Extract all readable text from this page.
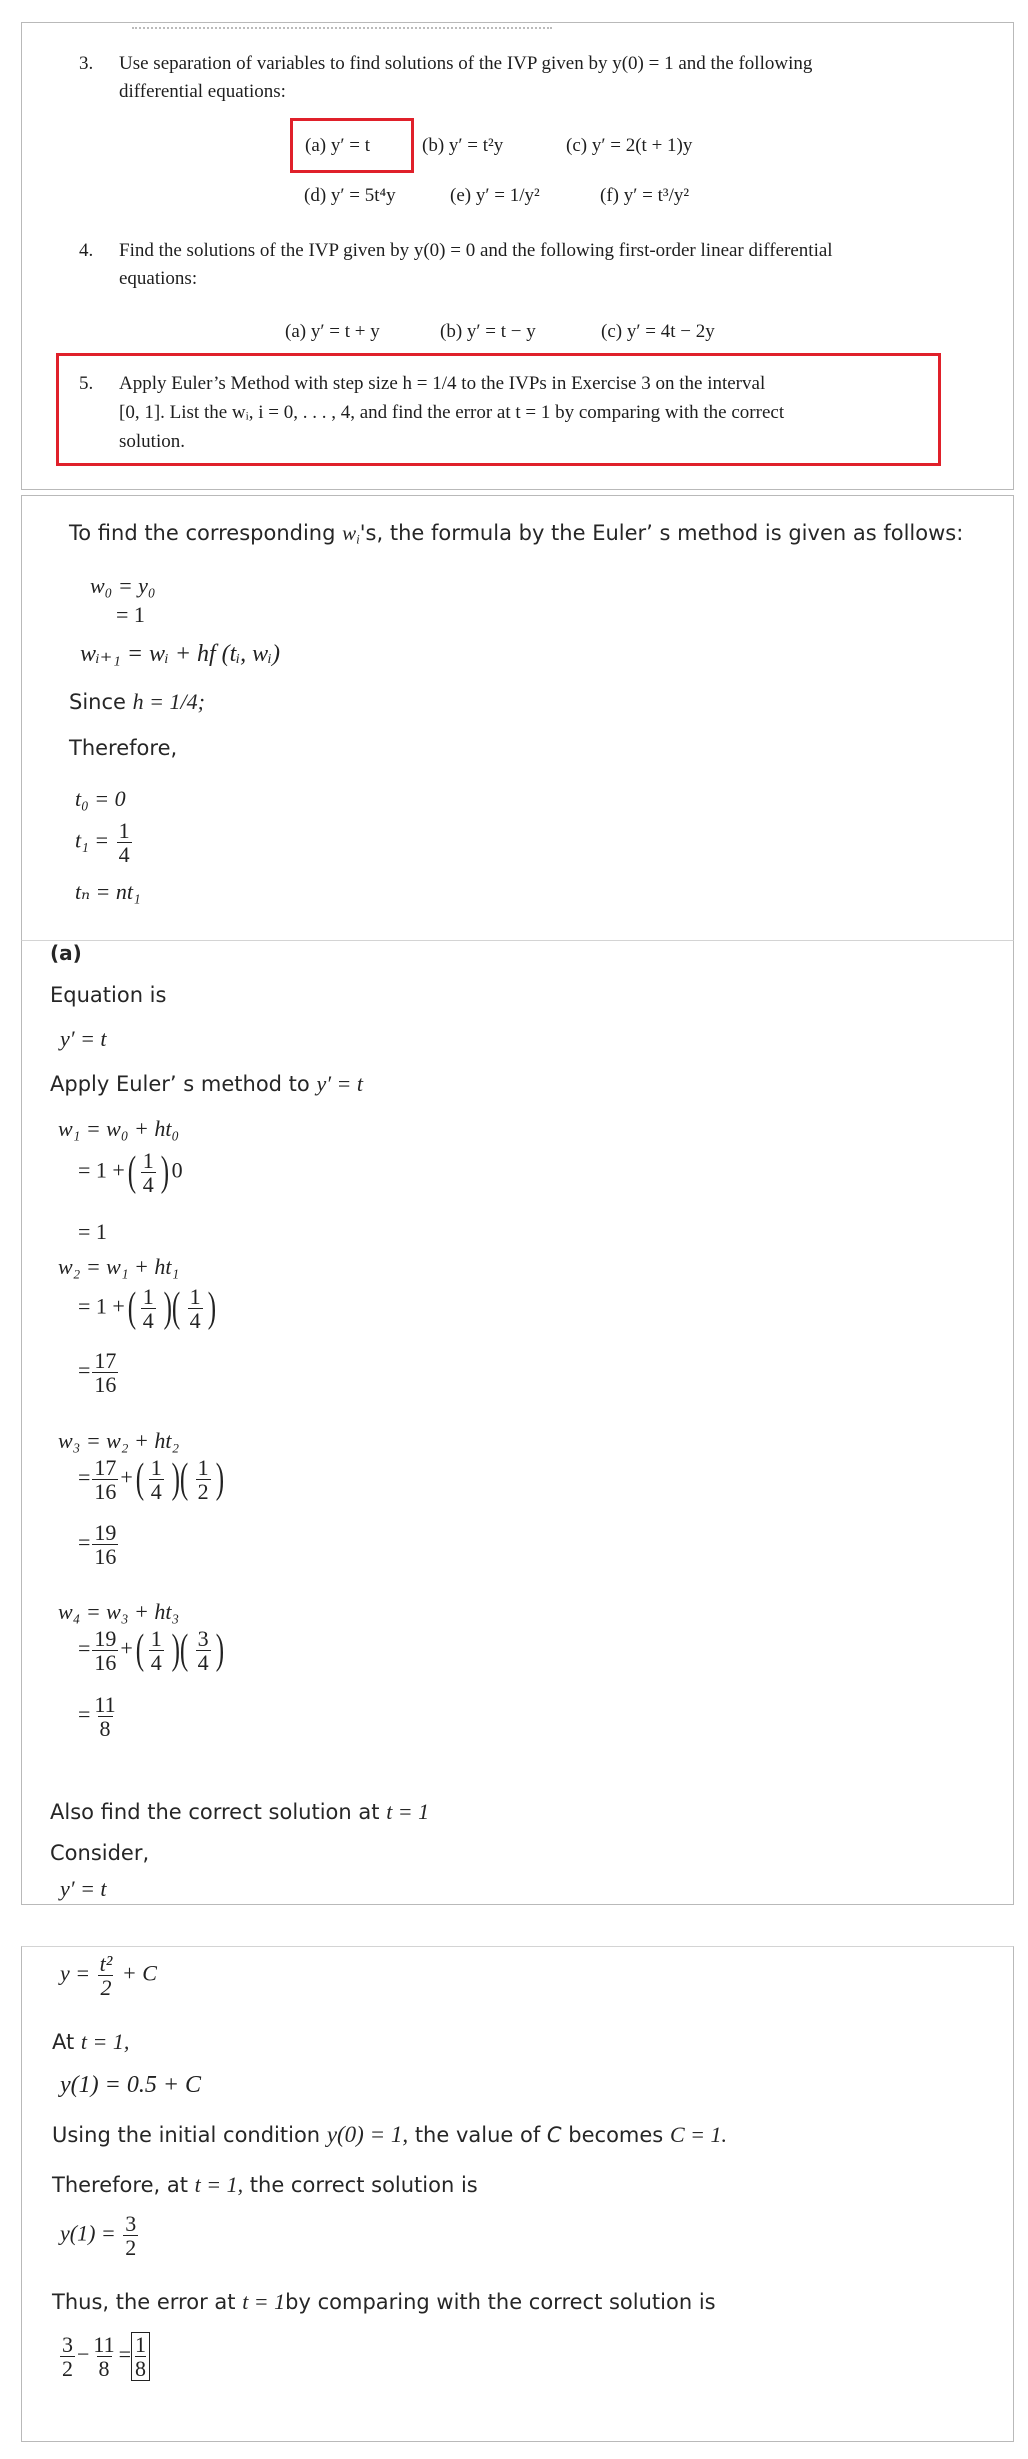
3. Use separation of variables to find solutions of the IVP given by y(0) = 1 and the following
differential equations:
(a) y′ = t	(b) y′ = t²y	(c) y′ = 2(t + 1)y
(d) y′ = 5t⁴y	(e) y′ = 1/y²	(f) y′ = t³/y²
4. Find the solutions of the IVP given by y(0) = 0 and the following first-order linear differential
equations:
(a) y′ = t + y	(b) y′ = t − y	(c) y′ = 4t − 2y
5. Apply Euler’s Method with step size h = 1/4 to the IVPs in Exercise 3 on the interval
[0, 1]. List the wᵢ, i = 0, . . . , 4, and find the error at t = 1 by comparing with the correct
solution.
To find the corresponding $w_i's$, the formula by the Euler’ s method is given as follows:
w₀ = y₀
= 1
wᵢ₊₁ = wᵢ + hf (tᵢ, wᵢ)
Since h = 1/4;
Therefore,
t₀ = 0
$t_1 = \frac{1}{4}$
tₙ = nt₁
(a)
Equation is
y′ = t
Apply Euler’ s method to y′ = t
w₁ = w₀ + ht₀
= 1 +( $\frac{1}{4}$ ) 0
= 1
w₂ = w₁ + ht₁
= 1 +( $\frac{1}{4}$ )( $\frac{1}{4}$ )
= $\frac{17}{16}$
w₃ = w₂ + ht₂
= $\frac{17}{16}$ +( $\frac{1}{4}$ )( $\frac{1}{2}$ )
= $\frac{19}{16}$
w₄ = w₃ + ht₃
= $\frac{19}{16}$ +( $\frac{1}{4}$ )( $\frac{3}{4}$ )
= $\frac{11}{8}$
Also find the correct solution at t = 1
Consider,
y′ = t
$y = \frac{\text{t²}}{2} + C$
At t = 1,
y(1) = 0.5 + C
Using the initial condition y(0) = 1, the value of C becomes C = 1.
Therefore, at t = 1, the correct solution is
$y(1) = \frac{3}{2}$
Thus, the error at t = 1by comparing with the correct solution is
$\frac{3}{2} - \frac{11}{8} = \frac{1}{8}$
